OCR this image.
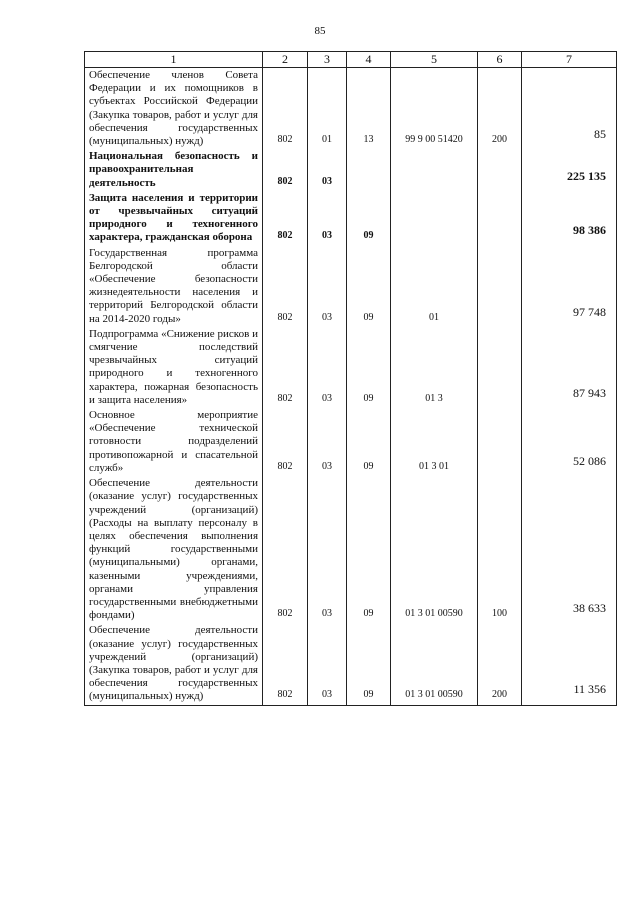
85
1	2	3	4	5	6	7
Обеспечение членов Совета Федерации и их помощников в субъектах Российской Федерации (Закупка товаров, работ и услуг для обеспечения государственных (муниципальных) нужд)	802	01	13	99 9 00 51420	200	85
Национальная безопасность и правоохранительная деятельность	802	03				225 135
Защита населения и территории от чрезвычайных ситуаций природного и техногенного характера, гражданская оборона	802	03	09			98 386
Государственная программа Белгородской области «Обеспечение безопасности жизнедеятельности населения и территорий Белгородской области на 2014-2020 годы»	802	03	09	01		97 748
Подпрограмма «Снижение рисков и смягчение последствий чрезвычайных ситуаций природного и техногенного характера, пожарная безопасность и защита населения»	802	03	09	01 3		87 943
Основное мероприятие «Обеспечение технической готовности подразделений противопожарной и спасательной служб»	802	03	09	01 3 01		52 086
Обеспечение деятельности (оказание услуг) государственных учреждений (организаций) (Расходы на выплату персоналу в целях обеспечения выполнения функций государственными (муниципальными) органами, казенными учреждениями, органами управления государственными внебюджетными фондами)	802	03	09	01 3 01 00590	100	38 633
Обеспечение деятельности (оказание услуг) государственных учреждений (организаций) (Закупка товаров, работ и услуг для обеспечения государственных (муниципальных) нужд)	802	03	09	01 3 01 00590	200	11 356
